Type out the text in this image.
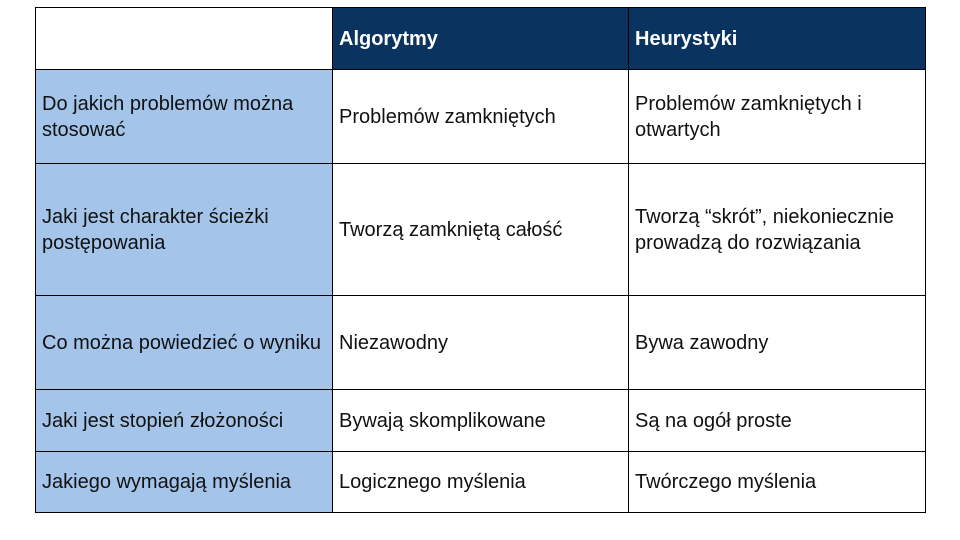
	Algorytmy	Heurystyki
Do jakich problemów można stosować	Problemów zamkniętych	Problemów zamkniętych i otwartych
Jaki jest charakter ścieżki postępowania	Tworzą zamkniętą całość	Tworzą “skrót”, niekoniecznie prowadzą do rozwiązania
Co można powiedzieć o wyniku	Niezawodny	Bywa zawodny
Jaki jest stopień złożoności	Bywają skomplikowane	Są na ogół proste
Jakiego wymagają myślenia	Logicznego myślenia	Twórczego myślenia
